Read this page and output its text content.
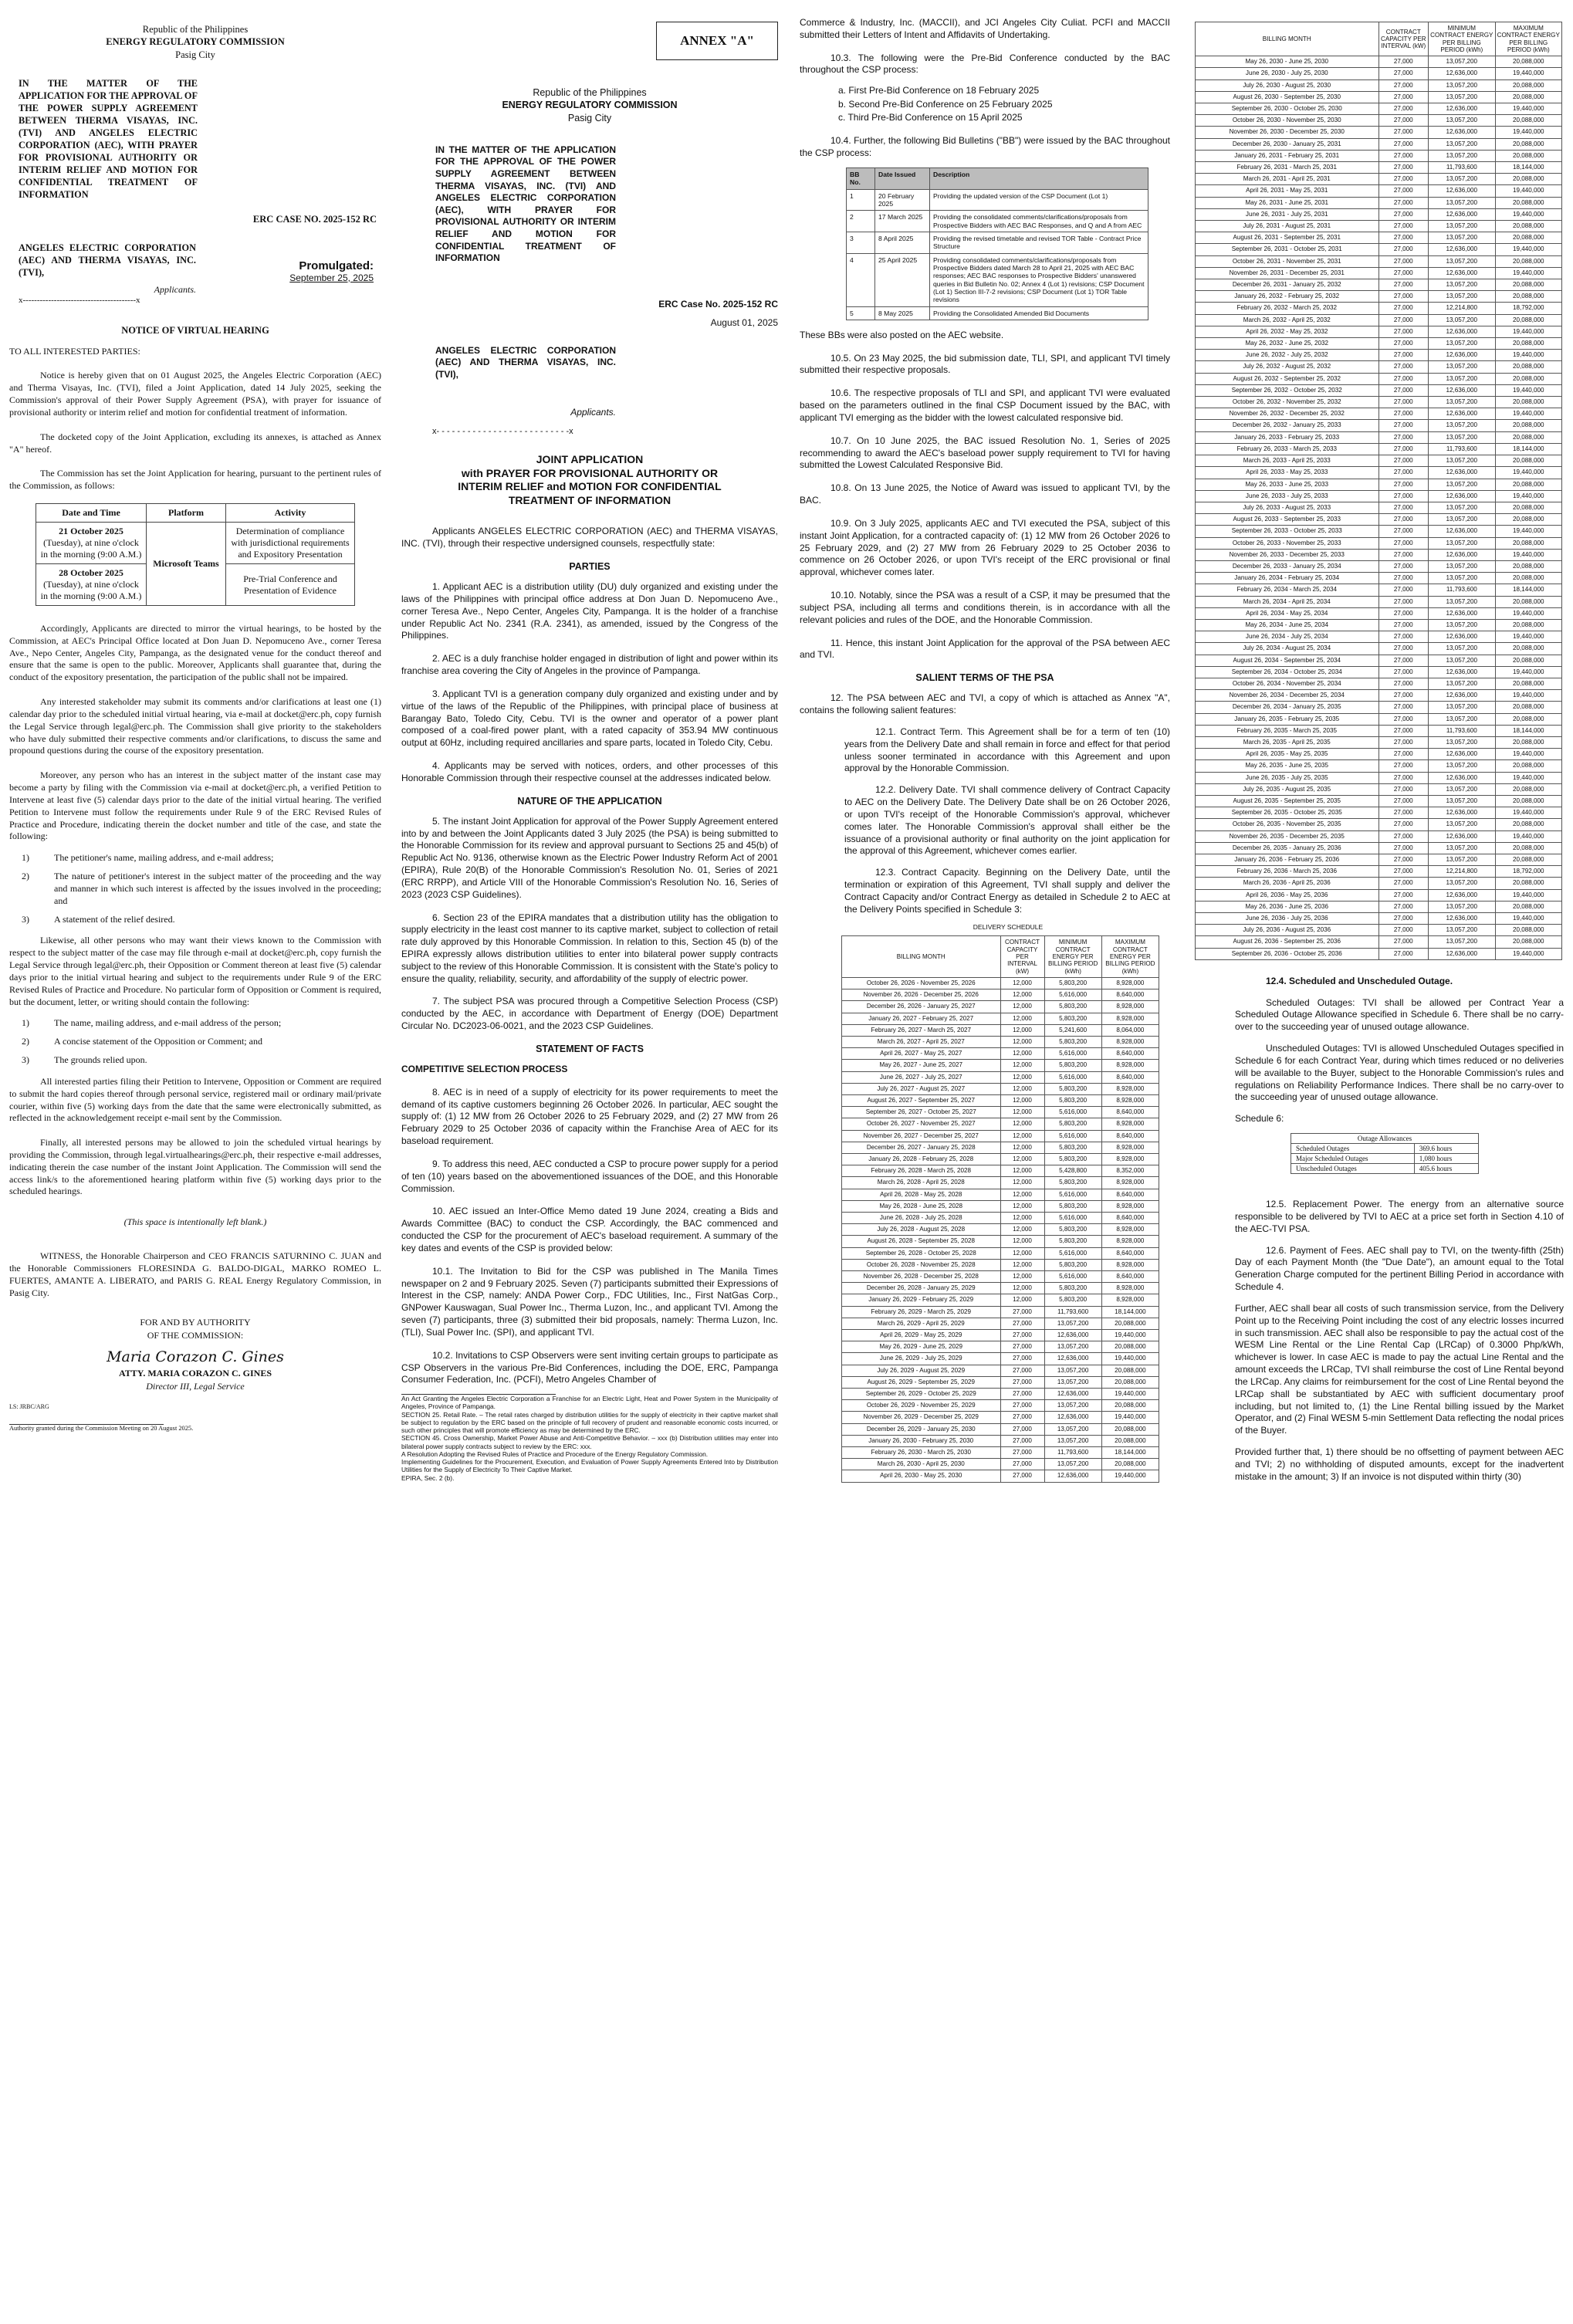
Republic of the Philippines
ENERGY REGULATORY COMMISSION
Pasig City
IN THE MATTER OF THE APPLICATION FOR THE APPROVAL OF THE POWER SUPPLY AGREEMENT BETWEEN THERMA VISAYAS, INC. (TVI) AND ANGELES ELECTRIC CORPORATION (AEC), WITH PRAYER FOR PROVISIONAL AUTHORITY OR INTERIM RELIEF AND MOTION FOR CONFIDENTIAL TREATMENT OF INFORMATION
ERC CASE NO. 2025-152 RC
ANGELES ELECTRIC CORPORATION (AEC) AND THERMA VISAYAS, INC. (TVI),
Applicants.
x----------------------------------------x
Promulgated:
September 25, 2025
NOTICE OF VIRTUAL HEARING

TO ALL INTERESTED PARTIES:

Notice is hereby given that on 01 August 2025, the Angeles Electric Corporation (AEC) and Therma Visayas, Inc. (TVI), filed a Joint Application, dated 14 July 2025, seeking the Commission's approval of their Power Supply Agreement (PSA), with prayer for issuance of provisional authority or interim relief and motion for confidential treatment of information.

The docketed copy of the Joint Application, excluding its annexes, is attached as Annex "A" hereof.

The Commission has set the Joint Application for hearing, pursuant to the pertinent rules of the Commission, as follows:

Date and Time	Platform	Activity

21 October 2025
(Tuesday), at nine o'clock in the morning (9:00 A.M.)	Microsoft Teams	Determination of compliance with jurisdictional requirements and Expository Presentation

28 October 2025
(Tuesday), at nine o'clock in the morning (9:00 A.M.)		Pre-Trial Conference and Presentation of Evidence

Accordingly, Applicants are directed to mirror the virtual hearings, to be hosted by the Commission, at AEC's Principal Office located at Don Juan D. Nepomuceno Ave., corner Teresa Ave., Nepo Center, Angeles City, Pampanga, as the designated venue for the conduct thereof and ensure that the same is open to the public. Moreover, Applicants shall guarantee that, during the conduct of the expository presentation, the participation of the public shall not be impaired.

Any interested stakeholder may submit its comments and/or clarifications at least one (1) calendar day prior to the scheduled initial virtual hearing, via e-mail at docket@erc.ph, copy furnish the Legal Service through legal@erc.ph. The Commission shall give priority to the stakeholders who have duly submitted their respective comments and/or clarifications, to discuss the same and propound questions during the course of the expository presentation.

Moreover, any person who has an interest in the subject matter of the instant case may become a party by filing with the Commission via e-mail at docket@erc.ph, a verified Petition to Intervene at least five (5) calendar days prior to the date of the initial virtual hearing. The verified Petition to Intervene must follow the requirements under Rule 9 of the ERC Revised Rules of Practice and Procedure, indicating therein the docket number and title of the case, and state the following:

1)	The petitioner's name, mailing address, and e-mail address;
2)	The nature of petitioner's interest in the subject matter of the proceeding and the way and manner in which such interest is affected by the issues involved in the proceeding; and
3)	A statement of the relief desired.

Likewise, all other persons who may want their views known to the Commission with respect to the subject matter of the case may file through e-mail at docket@erc.ph, copy furnish the Legal Service through legal@erc.ph, their Opposition or Comment thereon at least five (5) calendar days prior to the initial virtual hearing and subject to the requirements under Rule 9 of the ERC Revised Rules of Practice and Procedure. No particular form of Opposition or Comment is required, but the document, letter, or writing should contain the following:

1)	The name, mailing address, and e-mail address of the person;
2)	A concise statement of the Opposition or Comment; and
3)	The grounds relied upon.

All interested parties filing their Petition to Intervene, Opposition or Comment are required to submit the hard copies thereof through personal service, registered mail or ordinary mail/private courier, within five (5) working days from the date that the same were electronically submitted, as reflected in the acknowledgement receipt e-mail sent by the Commission.

Finally, all interested persons may be allowed to join the scheduled virtual hearings by providing the Commission, through legal.virtualhearings@erc.ph, their respective e-mail addresses, indicating therein the case number of the instant Joint Application. The Commission will send the access link/s to the aforementioned hearing platform within five (5) working days prior to the scheduled hearings.

(This space is intentionally left blank.)

WITNESS, the Honorable Chairperson and CEO FRANCIS SATURNINO C. JUAN and the Honorable Commissioners FLORESINDA G. BALDO-DIGAL, MARKO ROMEO L. FUERTES, AMANTE A. LIBERATO, and PARIS G. REAL Energy Regulatory Commission, in Pasig City.

FOR AND BY AUTHORITY
OF THE COMMISSION:
Maria Corazon C. Gines
ATTY. MARIA CORAZON C. GINES
Director III, Legal Service
LS: JRBC/ARG

Authority granted during the Commission Meeting on 20 August 2025.

ANNEX "A"
Republic of the Philippines
ENERGY REGULATORY COMMISSION
Pasig City
IN THE MATTER OF THE APPLICATION FOR THE APPROVAL OF THE POWER SUPPLY AGREEMENT BETWEEN THERMA VISAYAS, INC. (TVI) AND ANGELES ELECTRIC CORPORATION (AEC), WITH PRAYER FOR PROVISIONAL AUTHORITY OR INTERIM RELIEF AND MOTION FOR CONFIDENTIAL TREATMENT OF INFORMATION
ERC Case No. 2025-152 RC
August 01, 2025
ANGELES ELECTRIC CORPORATION (AEC) AND THERMA VISAYAS, INC. (TVI),
Applicants.
x- - - - - - - - - - - - - - - - - - - - - - - - - -x
JOINT APPLICATION
with PRAYER FOR PROVISIONAL AUTHORITY OR
INTERIM RELIEF and MOTION FOR CONFIDENTIAL
TREATMENT OF INFORMATION

Applicants ANGELES ELECTRIC CORPORATION (AEC) and THERMA VISAYAS, INC. (TVI), through their respective undersigned counsels, respectfully state:

PARTIES

1. Applicant AEC is a distribution utility (DU) duly organized and existing under the laws of the Philippines with principal office address at Don Juan D. Nepomuceno Ave., corner Teresa Ave., Nepo Center, Angeles City, Pampanga. It is the holder of a franchise under Republic Act No. 2341 (R.A. 2341), as amended, issued by the Congress of the Philippines.

2. AEC is a duly franchise holder engaged in distribution of light and power within its franchise area covering the City of Angeles in the province of Pampanga.

3. Applicant TVI is a generation company duly organized and existing under and by virtue of the laws of the Republic of the Philippines, with principal place of business at Barangay Bato, Toledo City, Cebu. TVI is the owner and operator of a power plant composed of a coal-fired power plant, with a rated capacity of 353.94 MW continuous output at 60Hz, including required ancillaries and spare parts, located in Toledo City, Cebu.

4. Applicants may be served with notices, orders, and other processes of this Honorable Commission through their respective counsel at the addresses indicated below.

NATURE OF THE APPLICATION

5. The instant Joint Application for approval of the Power Supply Agreement entered into by and between the Joint Applicants dated 3 July 2025 (the PSA) is being submitted to the Honorable Commission for its review and approval pursuant to Sections 25 and 45(b) of Republic Act No. 9136, otherwise known as the Electric Power Industry Reform Act of 2001 (EPIRA), Rule 20(B) of the Honorable Commission's Resolution No. 01, Series of 2021 (ERC RRPP), and Article VIII of the Honorable Commission's Resolution No. 16, Series of 2023 (2023 CSP Guidelines).

6. Section 23 of the EPIRA mandates that a distribution utility has the obligation to supply electricity in the least cost manner to its captive market, subject to collection of retail rate duly approved by this Honorable Commission. In relation to this, Section 45 (b) of the EPIRA expressly allows distribution utilities to enter into bilateral power supply contracts subject to the review of this Honorable Commission. It is consistent with the State's policy to ensure the quality, reliability, security, and affordability of the supply of electric power.

7. The subject PSA was procured through a Competitive Selection Process (CSP) conducted by the AEC, in accordance with Department of Energy (DOE) Department Circular No. DC2023-06-0021, and the 2023 CSP Guidelines.

STATEMENT OF FACTS

COMPETITIVE SELECTION PROCESS

8. AEC is in need of a supply of electricity for its power requirements to meet the demand of its captive customers beginning 26 October 2026. In particular, AEC sought the supply of: (1) 12 MW from 26 October 2026 to 25 February 2029, and (2) 27 MW from 26 February 2029 to 25 October 2036 of capacity within the Franchise Area of AEC for its baseload requirement.

9. To address this need, AEC conducted a CSP to procure power supply for a period of ten (10) years based on the abovementioned issuances of the DOE, and this Honorable Commission.

10. AEC issued an Inter-Office Memo dated 19 June 2024, creating a Bids and Awards Committee (BAC) to conduct the CSP. Accordingly, the BAC commenced and conducted the CSP for the procurement of AEC's baseload requirement. A summary of the key dates and events of the CSP is provided below:

10.1. The Invitation to Bid for the CSP was published in The Manila Times newspaper on 2 and 9 February 2025. Seven (7) participants submitted their Expressions of Interest in the CSP, namely: ANDA Power Corp., FDC Utilities, Inc., First NatGas Corp., GNPower Kauswagan, Sual Power Inc., Therma Luzon, Inc., and applicant TVI. Among the seven (7) participants, three (3) submitted their bid proposals, namely: Therma Luzon, Inc. (TLI), Sual Power Inc. (SPI), and applicant TVI.

10.2. Invitations to CSP Observers were sent inviting certain groups to participate as CSP Observers in the various Pre-Bid Conferences, including the DOE, ERC, Pampanga Consumer Federation, Inc. (PCFI), Metro Angeles Chamber of

An Act Granting the Angeles Electric Corporation a Franchise for an Electric Light, Heat and Power System in the Municipality of Angeles, Province of Pampanga.

SECTION 25. Retail Rate. – The retail rates charged by distribution utilities for the supply of electricity in their captive market shall be subject to regulation by the ERC based on the principle of full recovery of prudent and reasonable economic costs incurred, or such other principles that will promote efficiency as may be determined by the ERC.

SECTION 45. Cross Ownership, Market Power Abuse and Anti-Competitive Behavior. – xxx (b) Distribution utilities may enter into bilateral power supply contracts subject to review by the ERC: xxx.

A Resolution Adopting the Revised Rules of Practice and Procedure of the Energy Regulatory Commission.

Implementing Guidelines for the Procurement, Execution, and Evaluation of Power Supply Agreements Entered Into by Distribution Utilities for the Supply of Electricity To Their Captive Market.

EPIRA, Sec. 2 (b).

Commerce & Industry, Inc. (MACCII), and JCI Angeles City Culiat. PCFI and MACCII submitted their Letters of Intent and Affidavits of Undertaking.

10.3. The following were the Pre-Bid Conference conducted by the BAC throughout the CSP process:

a. First Pre-Bid Conference on 18 February 2025
b. Second Pre-Bid Conference on 25 February 2025
c. Third Pre-Bid Conference on 15 April 2025

10.4. Further, the following Bid Bulletins ("BB") were issued by the BAC throughout the CSP process:

BB No.	Date Issued	Description
1	20 February 2025	Providing the updated version of the CSP Document (Lot 1)
2	17 March 2025	Providing the consolidated comments/clarifications/proposals from Prospective Bidders with AEC BAC Responses, and Q and A from AEC
3	8 April 2025	Providing the revised timetable and revised TOR Table - Contract Price Structure
4	25 April 2025	Providing consolidated comments/clarifications/proposals from Prospective Bidders dated March 28 to April 21, 2025 with AEC BAC responses; AEC BAC responses to Prospective Bidders' unanswered queries in Bid Bulletin No. 02; Annex 4 (Lot 1) revisions; CSP Document (Lot 1) Section III-7-2 revisions; CSP Document (Lot 1) TOR Table revisions
5	8 May 2025	Providing the Consolidated Amended Bid Documents

These BBs were also posted on the AEC website.

10.5. On 23 May 2025, the bid submission date, TLI, SPI, and applicant TVI timely submitted their respective proposals.

10.6. The respective proposals of TLI and SPI, and applicant TVI were evaluated based on the parameters outlined in the final CSP Document issued by the BAC, with applicant TVI emerging as the bidder with the lowest calculated responsive bid.

10.7. On 10 June 2025, the BAC issued Resolution No. 1, Series of 2025 recommending to award the AEC's baseload power supply requirement to TVI for having submitted the Lowest Calculated Responsive Bid.

10.8. On 13 June 2025, the Notice of Award was issued to applicant TVI, by the BAC.

10.9. On 3 July 2025, applicants AEC and TVI executed the PSA, subject of this instant Joint Application, for a contracted capacity of: (1) 12 MW from 26 October 2026 to 25 February 2029, and (2) 27 MW from 26 February 2029 to 25 October 2036 to commence on 26 October 2026, or upon TVI's receipt of the ERC provisional or final approval, whichever comes later.

10.10. Notably, since the PSA was a result of a CSP, it may be presumed that the subject PSA, including all terms and conditions therein, is in accordance with all the relevant policies and rules of the DOE, and the Honorable Commission.

11. Hence, this instant Joint Application for the approval of the PSA between AEC and TVI.

SALIENT TERMS OF THE PSA

12. The PSA between AEC and TVI, a copy of which is attached as Annex "A", contains the following salient features:

12.1. Contract Term. This Agreement shall be for a term of ten (10) years from the Delivery Date and shall remain in force and effect for that period unless sooner terminated in accordance with this Agreement and upon approval by the Honorable Commission.

12.2. Delivery Date. TVI shall commence delivery of Contract Capacity to AEC on the Delivery Date. The Delivery Date shall be on 26 October 2026, or upon TVI's receipt of the Honorable Commission's approval, whichever comes later. The Honorable Commission's approval shall either be the issuance of a provisional authority or final authority on the joint application for the approval of this Agreement, whichever comes earlier.

12.3. Contract Capacity. Beginning on the Delivery Date, until the termination or expiration of this Agreement, TVI shall supply and deliver the Contract Capacity and/or Contract Energy as detailed in Schedule 2 to AEC at the Delivery Points specified in Schedule 3:

DELIVERY SCHEDULE
BILLING MONTH	CONTRACT CAPACITY PER INTERVAL (kW)	MINIMUM CONTRACT ENERGY PER BILLING PERIOD (kWh)	MAXIMUM CONTRACT ENERGY PER BILLING PERIOD (kWh)
October 26, 2026 - November 25, 2026	12,000	5,803,200	8,928,000
November 26, 2026 - December 25, 2026	12,000	5,616,000	8,640,000
December 26, 2026 - January 25, 2027	12,000	5,803,200	8,928,000
January 26, 2027 - February 25, 2027	12,000	5,803,200	8,928,000
February 26, 2027 - March 25, 2027	12,000	5,241,600	8,064,000
March 26, 2027 - April 25, 2027	12,000	5,803,200	8,928,000
April 26, 2027 - May 25, 2027	12,000	5,616,000	8,640,000
May 26, 2027 - June 25, 2027	12,000	5,803,200	8,928,000
June 26, 2027 - July 25, 2027	12,000	5,616,000	8,640,000
July 26, 2027 - August 25, 2027	12,000	5,803,200	8,928,000
August 26, 2027 - September 25, 2027	12,000	5,803,200	8,928,000
September 26, 2027 - October 25, 2027	12,000	5,616,000	8,640,000
October 26, 2027 - November 25, 2027	12,000	5,803,200	8,928,000
November 26, 2027 - December 25, 2027	12,000	5,616,000	8,640,000
December 26, 2027 - January 25, 2028	12,000	5,803,200	8,928,000
January 26, 2028 - February 25, 2028	12,000	5,803,200	8,928,000
February 26, 2028 - March 25, 2028	12,000	5,428,800	8,352,000
March 26, 2028 - April 25, 2028	12,000	5,803,200	8,928,000
April 26, 2028 - May 25, 2028	12,000	5,616,000	8,640,000
May 26, 2028 - June 25, 2028	12,000	5,803,200	8,928,000
June 26, 2028 - July 25, 2028	12,000	5,616,000	8,640,000
July 26, 2028 - August 25, 2028	12,000	5,803,200	8,928,000
August 26, 2028 - September 25, 2028	12,000	5,803,200	8,928,000
September 26, 2028 - October 25, 2028	12,000	5,616,000	8,640,000
October 26, 2028 - November 25, 2028	12,000	5,803,200	8,928,000
November 26, 2028 - December 25, 2028	12,000	5,616,000	8,640,000
December 26, 2028 - January 25, 2029	12,000	5,803,200	8,928,000
January 26, 2029 - February 25, 2029	12,000	5,803,200	8,928,000
February 26, 2029 - March 25, 2029	27,000	11,793,600	18,144,000
March 26, 2029 - April 25, 2029	27,000	13,057,200	20,088,000
April 26, 2029 - May 25, 2029	27,000	12,636,000	19,440,000
May 26, 2029 - June 25, 2029	27,000	13,057,200	20,088,000
June 26, 2029 - July 25, 2029	27,000	12,636,000	19,440,000
July 26, 2029 - August 25, 2029	27,000	13,057,200	20,088,000
August 26, 2029 - September 25, 2029	27,000	13,057,200	20,088,000
September 26, 2029 - October 25, 2029	27,000	12,636,000	19,440,000
October 26, 2029 - November 25, 2029	27,000	13,057,200	20,088,000
November 26, 2029 - December 25, 2029	27,000	12,636,000	19,440,000
December 26, 2029 - January 25, 2030	27,000	13,057,200	20,088,000
January 26, 2030 - February 25, 2030	27,000	13,057,200	20,088,000
February 26, 2030 - March 25, 2030	27,000	11,793,600	18,144,000
March 26, 2030 - April 25, 2030	27,000	13,057,200	20,088,000
April 26, 2030 - May 25, 2030	27,000	12,636,000	19,440,000
BILLING MONTH	CONTRACT CAPACITY PER INTERVAL (kW)	MINIMUM CONTRACT ENERGY PER BILLING PERIOD (kWh)	MAXIMUM CONTRACT ENERGY PER BILLING PERIOD (kWh)
May 26, 2030 - June 25, 2030	27,000	13,057,200	20,088,000
June 26, 2030 - July 25, 2030	27,000	12,636,000	19,440,000
July 26, 2030 - August 25, 2030	27,000	13,057,200	20,088,000
August 26, 2030 - September 25, 2030	27,000	13,057,200	20,088,000
September 26, 2030 - October 25, 2030	27,000	12,636,000	19,440,000
October 26, 2030 - November 25, 2030	27,000	13,057,200	20,088,000
November 26, 2030 - December 25, 2030	27,000	12,636,000	19,440,000
December 26, 2030 - January 25, 2031	27,000	13,057,200	20,088,000
January 26, 2031 - February 25, 2031	27,000	13,057,200	20,088,000
February 26, 2031 - March 25, 2031	27,000	11,793,600	18,144,000
March 26, 2031 - April 25, 2031	27,000	13,057,200	20,088,000
April 26, 2031 - May 25, 2031	27,000	12,636,000	19,440,000
May 26, 2031 - June 25, 2031	27,000	13,057,200	20,088,000
June 26, 2031 - July 25, 2031	27,000	12,636,000	19,440,000
July 26, 2031 - August 25, 2031	27,000	13,057,200	20,088,000
August 26, 2031 - September 25, 2031	27,000	13,057,200	20,088,000
September 26, 2031 - October 25, 2031	27,000	12,636,000	19,440,000
October 26, 2031 - November 25, 2031	27,000	13,057,200	20,088,000
November 26, 2031 - December 25, 2031	27,000	12,636,000	19,440,000
December 26, 2031 - January 25, 2032	27,000	13,057,200	20,088,000
January 26, 2032 - February 25, 2032	27,000	13,057,200	20,088,000
February 26, 2032 - March 25, 2032	27,000	12,214,800	18,792,000
March 26, 2032 - April 25, 2032	27,000	13,057,200	20,088,000
April 26, 2032 - May 25, 2032	27,000	12,636,000	19,440,000
May 26, 2032 - June 25, 2032	27,000	13,057,200	20,088,000
June 26, 2032 - July 25, 2032	27,000	12,636,000	19,440,000
July 26, 2032 - August 25, 2032	27,000	13,057,200	20,088,000
August 26, 2032 - September 25, 2032	27,000	13,057,200	20,088,000
September 26, 2032 - October 25, 2032	27,000	12,636,000	19,440,000
October 26, 2032 - November 25, 2032	27,000	13,057,200	20,088,000
November 26, 2032 - December 25, 2032	27,000	12,636,000	19,440,000
December 26, 2032 - January 25, 2033	27,000	13,057,200	20,088,000
January 26, 2033 - February 25, 2033	27,000	13,057,200	20,088,000
February 26, 2033 - March 25, 2033	27,000	11,793,600	18,144,000
March 26, 2033 - April 25, 2033	27,000	13,057,200	20,088,000
April 26, 2033 - May 25, 2033	27,000	12,636,000	19,440,000
May 26, 2033 - June 25, 2033	27,000	13,057,200	20,088,000
June 26, 2033 - July 25, 2033	27,000	12,636,000	19,440,000
July 26, 2033 - August 25, 2033	27,000	13,057,200	20,088,000
August 26, 2033 - September 25, 2033	27,000	13,057,200	20,088,000
September 26, 2033 - October 25, 2033	27,000	12,636,000	19,440,000
October 26, 2033 - November 25, 2033	27,000	13,057,200	20,088,000
November 26, 2033 - December 25, 2033	27,000	12,636,000	19,440,000
December 26, 2033 - January 25, 2034	27,000	13,057,200	20,088,000
January 26, 2034 - February 25, 2034	27,000	13,057,200	20,088,000
February 26, 2034 - March 25, 2034	27,000	11,793,600	18,144,000
March 26, 2034 - April 25, 2034	27,000	13,057,200	20,088,000
April 26, 2034 - May 25, 2034	27,000	12,636,000	19,440,000
May 26, 2034 - June 25, 2034	27,000	13,057,200	20,088,000
June 26, 2034 - July 25, 2034	27,000	12,636,000	19,440,000
July 26, 2034 - August 25, 2034	27,000	13,057,200	20,088,000
August 26, 2034 - September 25, 2034	27,000	13,057,200	20,088,000
September 26, 2034 - October 25, 2034	27,000	12,636,000	19,440,000
October 26, 2034 - November 25, 2034	27,000	13,057,200	20,088,000
November 26, 2034 - December 25, 2034	27,000	12,636,000	19,440,000
December 26, 2034 - January 25, 2035	27,000	13,057,200	20,088,000
January 26, 2035 - February 25, 2035	27,000	13,057,200	20,088,000
February 26, 2035 - March 25, 2035	27,000	11,793,600	18,144,000
March 26, 2035 - April 25, 2035	27,000	13,057,200	20,088,000
April 26, 2035 - May 25, 2035	27,000	12,636,000	19,440,000
May 26, 2035 - June 25, 2035	27,000	13,057,200	20,088,000
June 26, 2035 - July 25, 2035	27,000	12,636,000	19,440,000
July 26, 2035 - August 25, 2035	27,000	13,057,200	20,088,000
August 26, 2035 - September 25, 2035	27,000	13,057,200	20,088,000
September 26, 2035 - October 25, 2035	27,000	12,636,000	19,440,000
October 26, 2035 - November 25, 2035	27,000	13,057,200	20,088,000
November 26, 2035 - December 25, 2035	27,000	12,636,000	19,440,000
December 26, 2035 - January 25, 2036	27,000	13,057,200	20,088,000
January 26, 2036 - February 25, 2036	27,000	13,057,200	20,088,000
February 26, 2036 - March 25, 2036	27,000	12,214,800	18,792,000
March 26, 2036 - April 25, 2036	27,000	13,057,200	20,088,000
April 26, 2036 - May 25, 2036	27,000	12,636,000	19,440,000
May 26, 2036 - June 25, 2036	27,000	13,057,200	20,088,000
June 26, 2036 - July 25, 2036	27,000	12,636,000	19,440,000
July 26, 2036 - August 25, 2036	27,000	13,057,200	20,088,000
August 26, 2036 - September 25, 2036	27,000	13,057,200	20,088,000
September 26, 2036 - October 25, 2036	27,000	12,636,000	19,440,000

12.4. Scheduled and Unscheduled Outage.

Scheduled Outages: TVI shall be allowed per Contract Year a Scheduled Outage Allowance specified in Schedule 6. There shall be no carry-over to the succeeding year of unused outage allowance.

Unscheduled Outages: TVI is allowed Unscheduled Outages specified in Schedule 6 for each Contract Year, during which times reduced or no deliveries will be available to the Buyer, subject to the Honorable Commission's rules and regulations on Reliability Performance Indices. There shall be no carry-over to the succeeding year of unused outage allowance.

Schedule 6:

Outage Allowances	
Scheduled Outages	369.6 hours
Major Scheduled Outages	1,080 hours
Unscheduled Outages	405.6 hours

12.5. Replacement Power. The energy from an alternative source responsible to be delivered by TVI to AEC at a price set forth in Section 4.10 of the AEC-TVI PSA.

12.6. Payment of Fees. AEC shall pay to TVI, on the twenty-fifth (25th) Day of each Payment Month (the "Due Date"), an amount equal to the Total Generation Charge computed for the pertinent Billing Period in accordance with Schedule 4.

Further, AEC shall bear all costs of such transmission service, from the Delivery Point up to the Receiving Point including the cost of any electric losses incurred in such transmission. AEC shall also be responsible to pay the actual cost of the WESM Line Rental or the Line Rental Cap (LRCap) of 0.3000 Php/kWh, whichever is lower. In case AEC is made to pay the actual Line Rental and the amount exceeds the LRCap, TVI shall reimburse the cost of Line Rental beyond the LRCap. Any claims for reimbursement for the cost of Line Rental beyond the LRCap shall be substantiated by AEC with sufficient documentary proof including, but not limited to, (1) the Line Rental billing issued by the Market Operator, and (2) Final WESM 5-min Settlement Data reflecting the nodal prices of the Buyer.

Provided further that, 1) there should be no offsetting of payment between AEC and TVI; 2) no withholding of disputed amounts, except for the inadvertent mistake in the amount; 3) If an invoice is not disputed within thirty (30)
